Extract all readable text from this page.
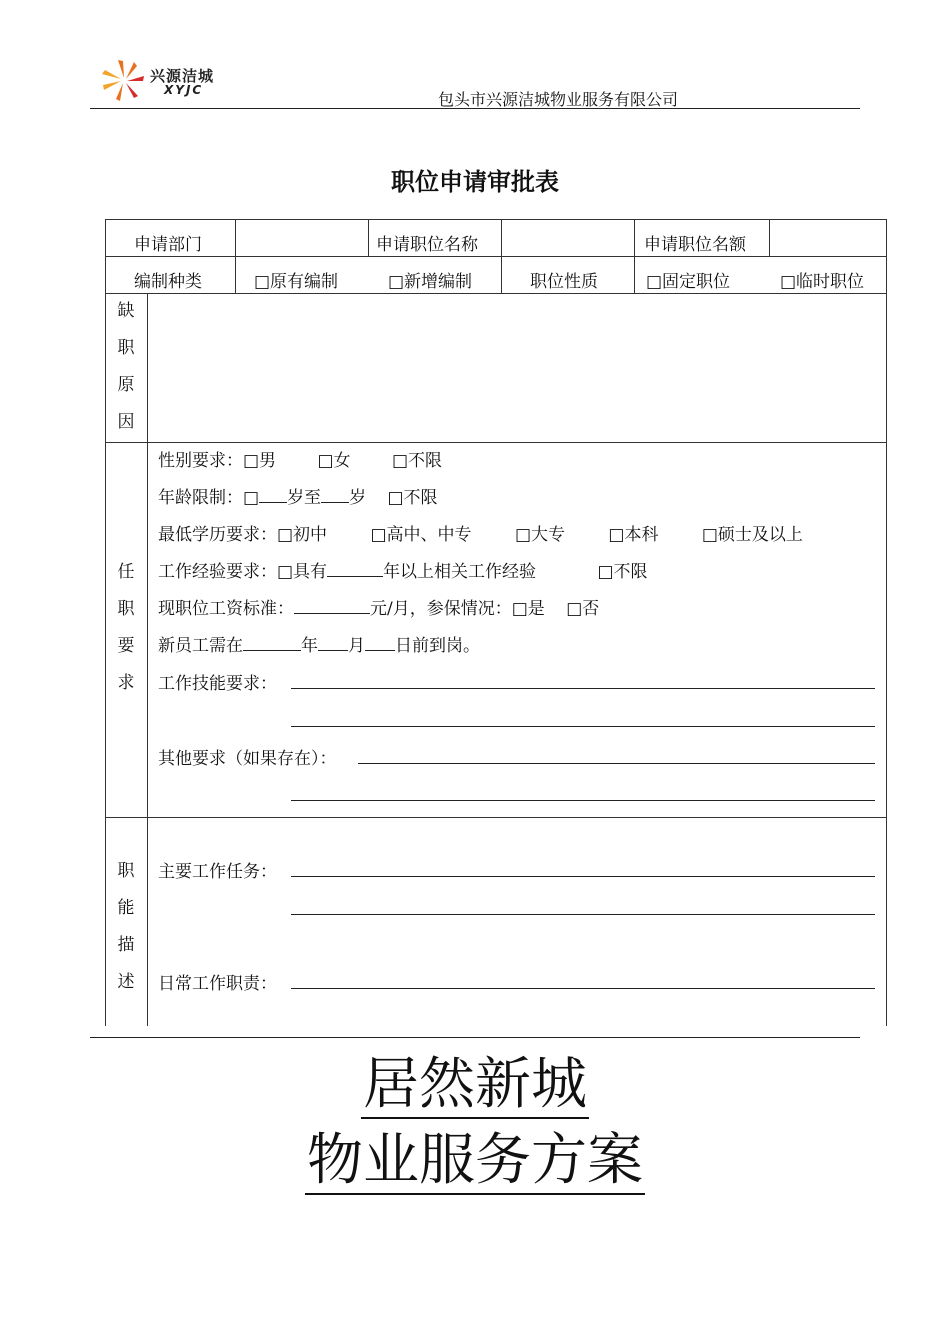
兴源洁城
XYJC	包头市兴源洁城物业服务有限公司
职位申请审批表
申请部门	申请职位名称	申请职位名额
编制种类	□原有编制	□新增编制	职位性质	□固定职位	□临时职位
缺
职
原
因
任
职
要
求
性别要求：□男 □女 □不限
年龄限制：□ 岁至 岁 □不限
最低学历要求：□初中	□高中、中专	□大专	□本科	□硕士及以上
工作经验要求：□具有	年以上相关工作经验	□不限
现职位工资标准：	元/月，参保情况：□是 □否
新员工需在	年 月 日前到岗。
工作技能要求：
其他要求（如果存在）：
职
能
描
述
主要工作任务：
日常工作职责：
居然新城
物业服务方案
